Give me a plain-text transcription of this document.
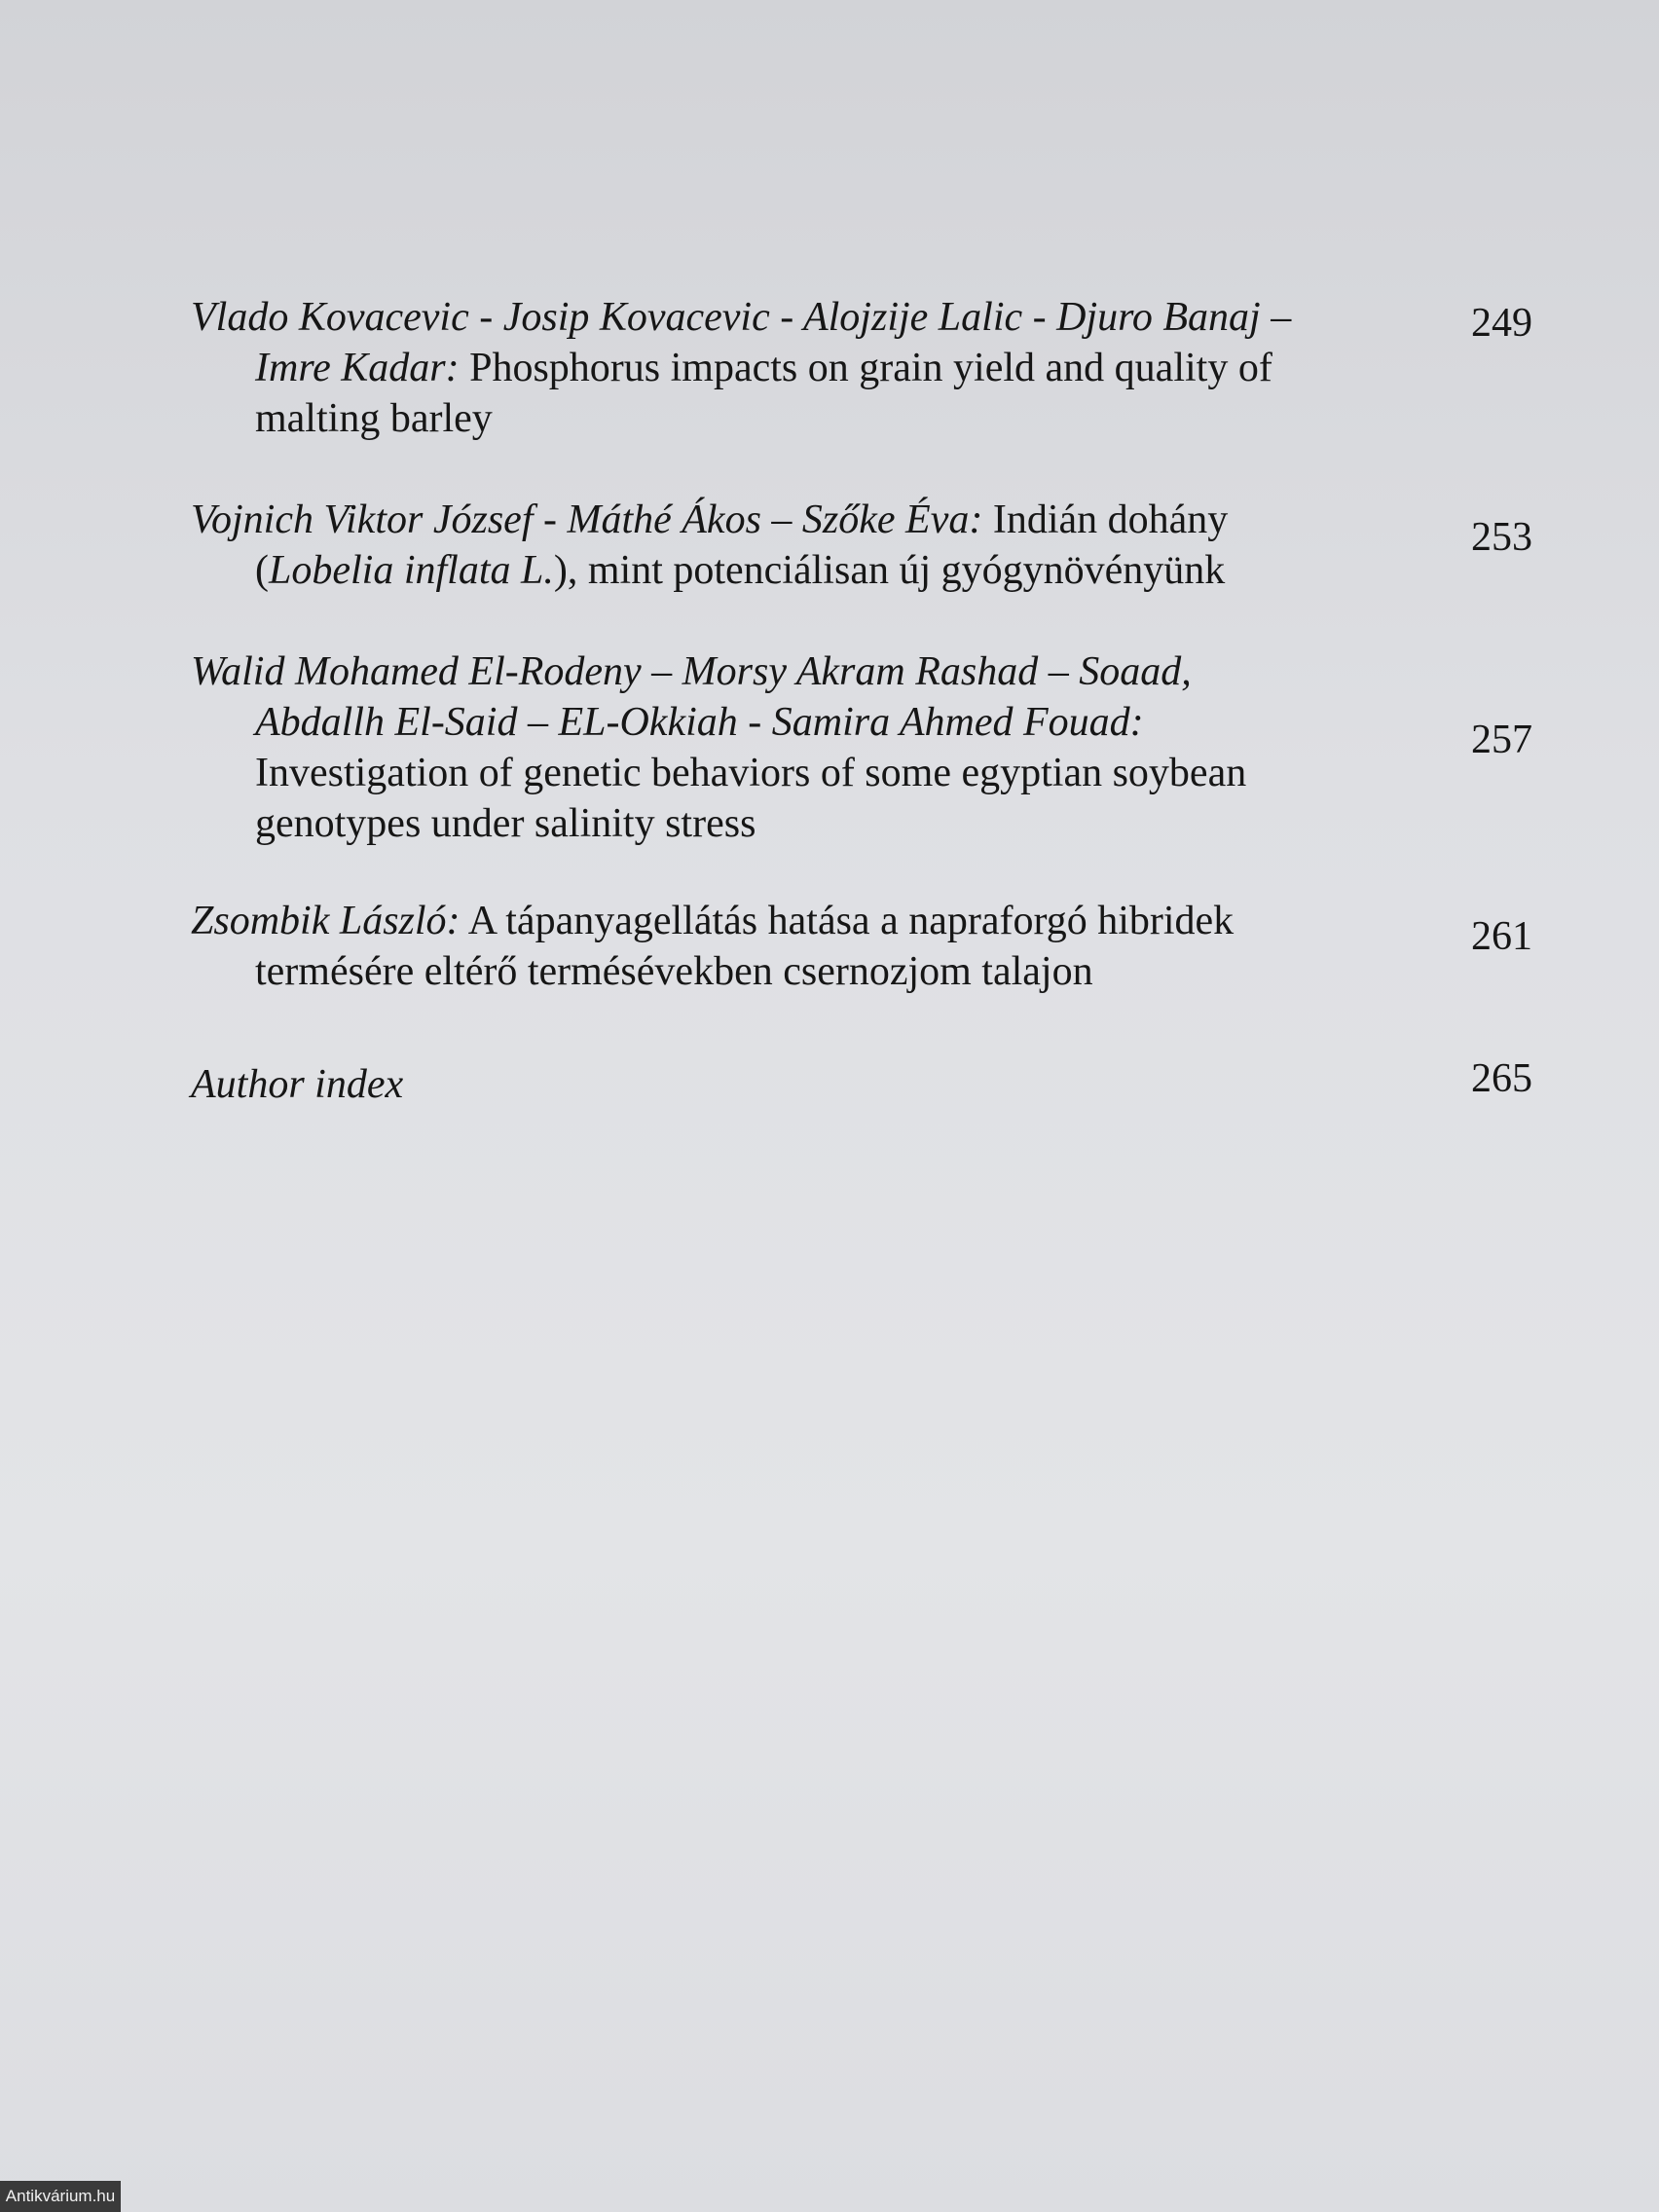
Vlado Kovacevic - Josip Kovacevic - Alojzije Lalic - Djuro Banaj –
Imre Kadar: Phosphorus impacts on grain yield and quality of
malting barley
249
Vojnich Viktor József - Máthé Ákos – Szőke Éva: Indián dohány
(Lobelia inflata L.), mint potenciálisan új gyógynövényünk
253
Walid Mohamed El-Rodeny – Morsy Akram Rashad – Soaad,
Abdallh El-Said – EL-Okkiah - Samira Ahmed Fouad:
Investigation of genetic behaviors of some egyptian soybean
genotypes under salinity stress
257
Zsombik László: A tápanyagellátás hatása a napraforgó hibridek
termésére eltérő termésévekben csernozjom talajon
261
Author index	265
Antikvárium.hu
